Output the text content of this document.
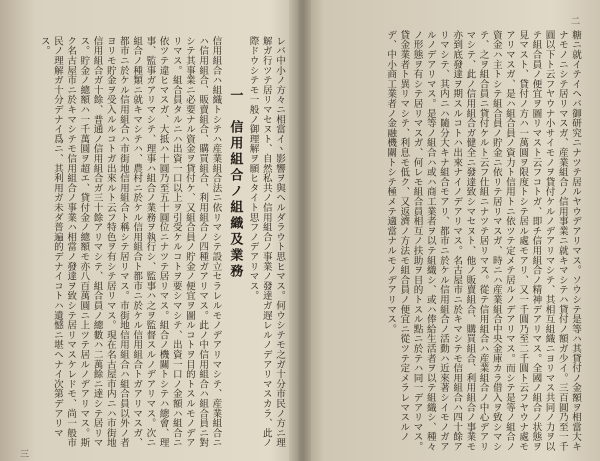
二

糖ニ就イテイヘバ御研究ニナツテ居ルヤウデアリマス。ソウシテ是等ハ其貸付ノ金額ヲ相當大キナモノニシテ居リマスガ、産業組合ノ信用事業ニ就キマシテハ貸付ノ額ガ少イ。三百圓乃至一千圓以下ト云フヤウナ小サイモノヲ貸付ケルノデアリマシテ、其相互組織ニヨリマス共同ノ力ヲ以テ組合員ノ便宜ヲ圖リマスト云フコトガ、即チ信用組合ノ精神デアリマス。全國ノ組合ノ状態ヲ見マスト、貸付ノ方ハ一萬圓ヲ限度トシテ居ル處モアリ、又一千圓乃至二千圓ト云フヤウナ處モアリマスガ、是ハ組合員ノ資力ト信用トニ依ツテ定メテ居ルノデアリマス。而シテ是等ノ組合ノ資金ハ主トシテ組合員ノ貯金ニ依リテ居リマスガ、時ニハ産業組合中央金庫カラ借入ヲ致シマシテ、之ヲ組合員ニ貸付ケルト云フ仕組ニナツテ居リマス。從テ信用組合ハ産業組合ノ中心デアリマシテ、此ノ信用組合ガ健全ニ發達致シマセヌト、他ノ販賣組合、購買組合、利用組合ノ事業モ亦到底發達ヲ期スルコトハ出來ナイノデアリマス。名古屋市ニ於キマシテモ信用組合ハ四十餘アリマシテ、其内ニハ隨分大キナ組合モアリ、都市ニ於ケル信用組合ノ活動ハ近來著シイモノガアルノデアリマス。是等ノ組合ハ或ハ商工業者ヲ以テ組織シ、或ハ俸給生活者ヲ以テ組織シ、種々ノ形態ヲ有シテ居リマスガ、何レモ組合員相互ノ扶助ヲ目的トスル點ニ於テハ同一デアリマス。貸金業者ト異リマシテ、利息モ低ク、又返濟ノ方法モ組合員ノ便宜ニ從ツテ定メラレマスルノデ、中小商工業者ノ金融機關トシテ極メテ適當ナルモノデアリマス。

レバ中小ノ方々ニ相當イヽ影響ヲ與ヘルダラウト思ヒマス。何ウシテモ之ガ十分市民ノ方ニ理解ガ行ツテ居リマセヌト、自然私共ノ信用組合ノ事業ノ發達ガ遅レルノデアリマスカラ、此ノ際ドウシテモ一般ノ御理解ヲ願ヒタイト思フノデアリマス。

一　信用組合ノ組織及業務

信用組合ハ組織トシテハ産業組合法ニ依リマシテ設立セラレルモノデアリマシテ、産業組合ニハ信用組合、販賣組合、購買組合、利用組合ノ四種ガアリマス。此ノ中信用組合ハ組合員ニ對シテ其事業ニ必要ナル資金ヲ貸付ケ、又組合員ノ貯金ノ便宜ヲ圖ルコトヲ目的トスルモノデアリマス。組合員タルニハ出資一口以上ヲ引受ケルコトヲ要シマシテ、出資一口ノ金額ハ組合ニ依ツテ違ヒマスガ、大抵ハ十圓乃至五十圓位ニナツテ居リマス。組合ノ機關トシテハ總會、理事、監事ガアリマシテ、理事ハ組合ノ業務ヲ執行シ、監事ハ之ヲ監督スルノデアリマス。次ニ組合ノ種類ニ就キマシテハ、農村ニ於ケル信用組合ト都市ニ於ケル信用組合トガアリマスガ、都市ニ於ケル信用組合ハ市街地信用組合ト稱シテ居リマス。市街地信用組合ハ組合員以外ノ者ヨリモ貯金ヲ受入ルルコトガ出來ルト云フ特色ヲ有シテ居リマス。現在名古屋市内ニハ市街地信用組合ガ十餘、普通ノ信用組合ガ三十餘アリマシテ、組合員ノ總數ハ二萬餘ニ達シテ居リマス。貯金ノ總額ハ一千萬圓ヲ超エ、貸付金ノ總額モ亦八百萬圓ニ上ツテ居ルノデアリマス。斯ク名古屋市ニ於キマシテモ信用組合ノ事業ハ相當ノ發達ヲ致シテ居リマスケレドモ、尚一般市民ノ理解ガ十分デナイ爲ニ、其利用ガ未ダ普遍的デナイコトハ遺憾ニ堪ヘナイ次第デアリマス。

三
